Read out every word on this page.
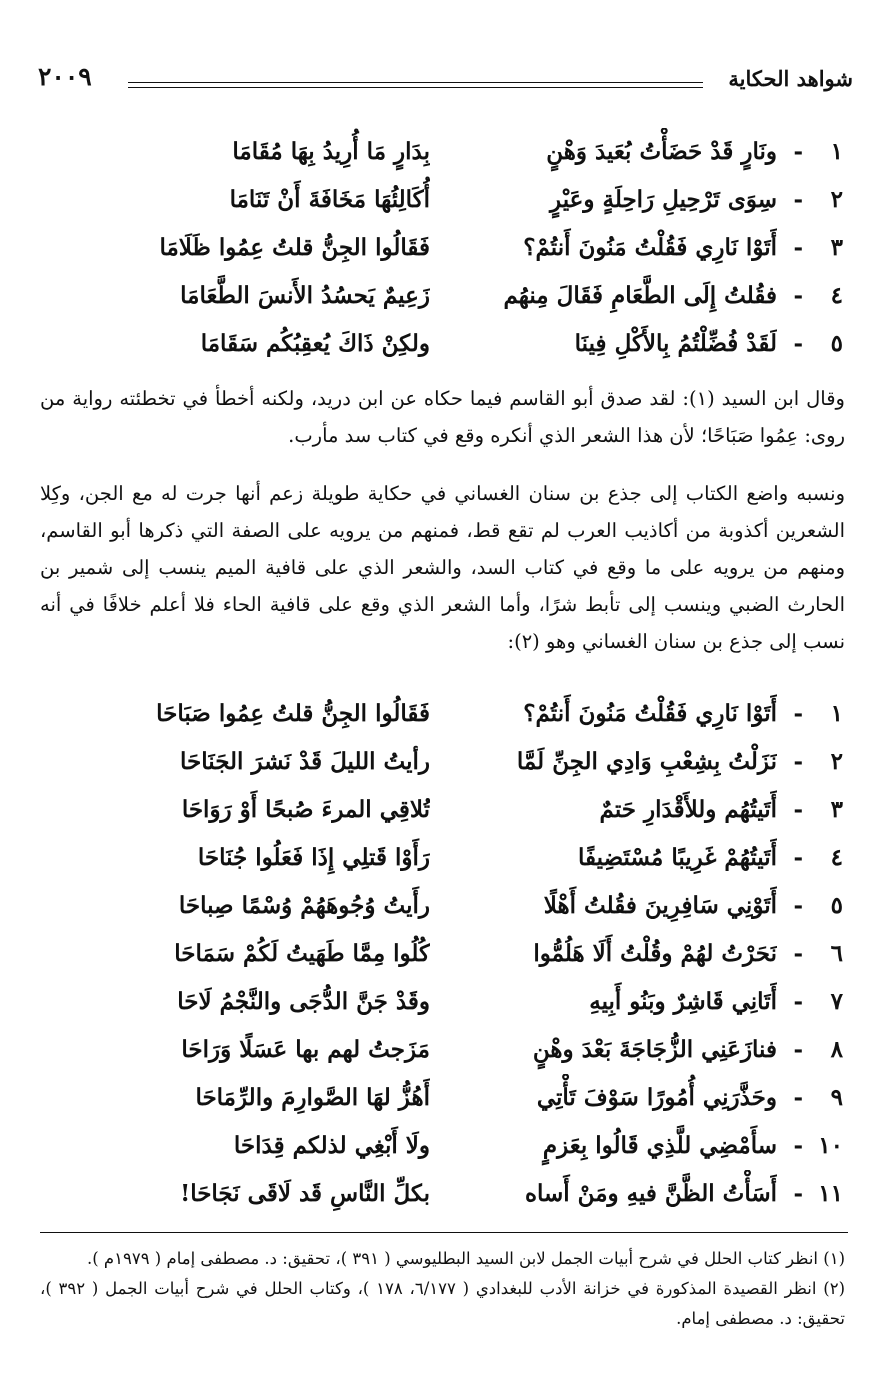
شواهد الحكاية
٢٠٠٩
١
-
ونَارٍ قَدْ حَضَأْتُ بُعَيدَ وَهْنٍ
بِدَارٍ مَا أُرِيدُ بِهَا مُقَامَا
٢
-
سِوَى تَرْحِيلِ رَاحِلَةٍ وعَيْرٍ
أُكَالِئُهَا مَخَافَةَ أَنْ تَنَامَا
٣
-
أَتَوْا نَارِي فَقُلْتُ مَنُونَ أَنتُمْ؟
فَقَالُوا الجِنُّ قلتُ عِمُوا ظَلَامَا
٤
-
فقُلتُ إِلَى الطَّعَامِ فَقَالَ مِنهُم
زَعِيمٌ يَحسُدُ الأَنسَ الطَّعَامَا
٥
-
لَقَدْ فُضِّلْتُمُ بِالأَكْلِ فِينَا
ولكِنْ ذَاكَ يُعقِبُكُم سَقَامَا

وقال ابن السيد (١): لقد صدق أبو القاسم فيما حكاه عن ابن دريد، ولكنه أخطأ في تخطئته رواية من روى: عِمُوا صَبَاحًا؛ لأن هذا الشعر الذي أنكره وقع في كتاب سد مأرب.

ونسبه واضع الكتاب إلى جذع بن سنان الغساني في حكاية طويلة زعم أنها جرت له مع الجن، وكِلا الشعرين أكذوبة من أكاذيب العرب لم تقع قط، فمنهم من يرويه على الصفة التي ذكرها أبو القاسم، ومنهم من يرويه على ما وقع في كتاب السد، والشعر الذي على قافية الميم ينسب إلى شمير بن الحارث الضبي وينسب إلى تأبط شرًا، وأما الشعر الذي وقع على قافية الحاء فلا أعلم خلافًا في أنه نسب إلى جذع بن سنان الغساني وهو (٢):

١
-
أَتَوْا نَارِي فَقُلْتُ مَنُونَ أَنتُمْ؟
فَقَالُوا الجِنُّ قلتُ عِمُوا صَبَاحَا
٢
-
نَزَلْتُ بِشِعْبِ وَادِي الجِنِّ لَمَّا
رأيتُ الليلَ قَدْ نَشرَ الجَنَاحَا
٣
-
أَتَيتُهُم وللأَقْدَارِ حَتمٌ
تُلاقِي المرءَ صُبحًا أَوْ رَوَاحَا
٤
-
أَتَيتُهُمْ غَرِيبًا مُسْتَضِيفًا
رَأَوْا قَتلِي إِذَا فَعَلُوا جُنَاحَا
٥
-
أَتَوْنِي سَافِرِينَ فقُلتُ أَهْلًا
رأَيتُ وُجُوهَهُمْ وُسْمًا صِباحَا
٦
-
نَحَرْتُ لهُمْ وقُلْتُ أَلَا هَلُمُّوا
كُلُوا مِمَّا طَهَيتُ لَكُمْ سَمَاحَا
٧
-
أَتَانِي قَاشِرٌ وبَنُو أَبِيهِ
وقَدْ جَنَّ الدُّجَى والنَّجْمُ لَاحَا
٨
-
فنازَعَنِي الزُّجَاجَةَ بَعْدَ وهْنٍ
مَزَجتُ لهم بها عَسَلًا وَرَاحَا
٩
-
وحَذَّرَنِي أُمُورًا سَوْفَ تَأْتِي
أَهُزُّ لهَا الصَّوارِمَ والرِّمَاحَا
١٠
-
سأَمْضِي للَّذِي قَالُوا بِعَزمٍ
ولَا أَبْغِي لذلكم قِدَاحَا
١١
-
أَسَأْتُ الظَّنَّ فيهِ ومَنْ أَساه
بكلِّ النَّاسِ قَد لَاقَى نَجَاحَا!

(١) انظر كتاب الحلل في شرح أبيات الجمل لابن السيد البطليوسي ( ٣٩١ )، تحقيق: د. مصطفى إمام ( ١٩٧٩م ).

(٢) انظر القصيدة المذكورة في خزانة الأدب للبغدادي ( ٦/١٧٧، ١٧٨ )، وكتاب الحلل في شرح أبيات الجمل ( ٣٩٢ )، تحقيق: د. مصطفى إمام.
